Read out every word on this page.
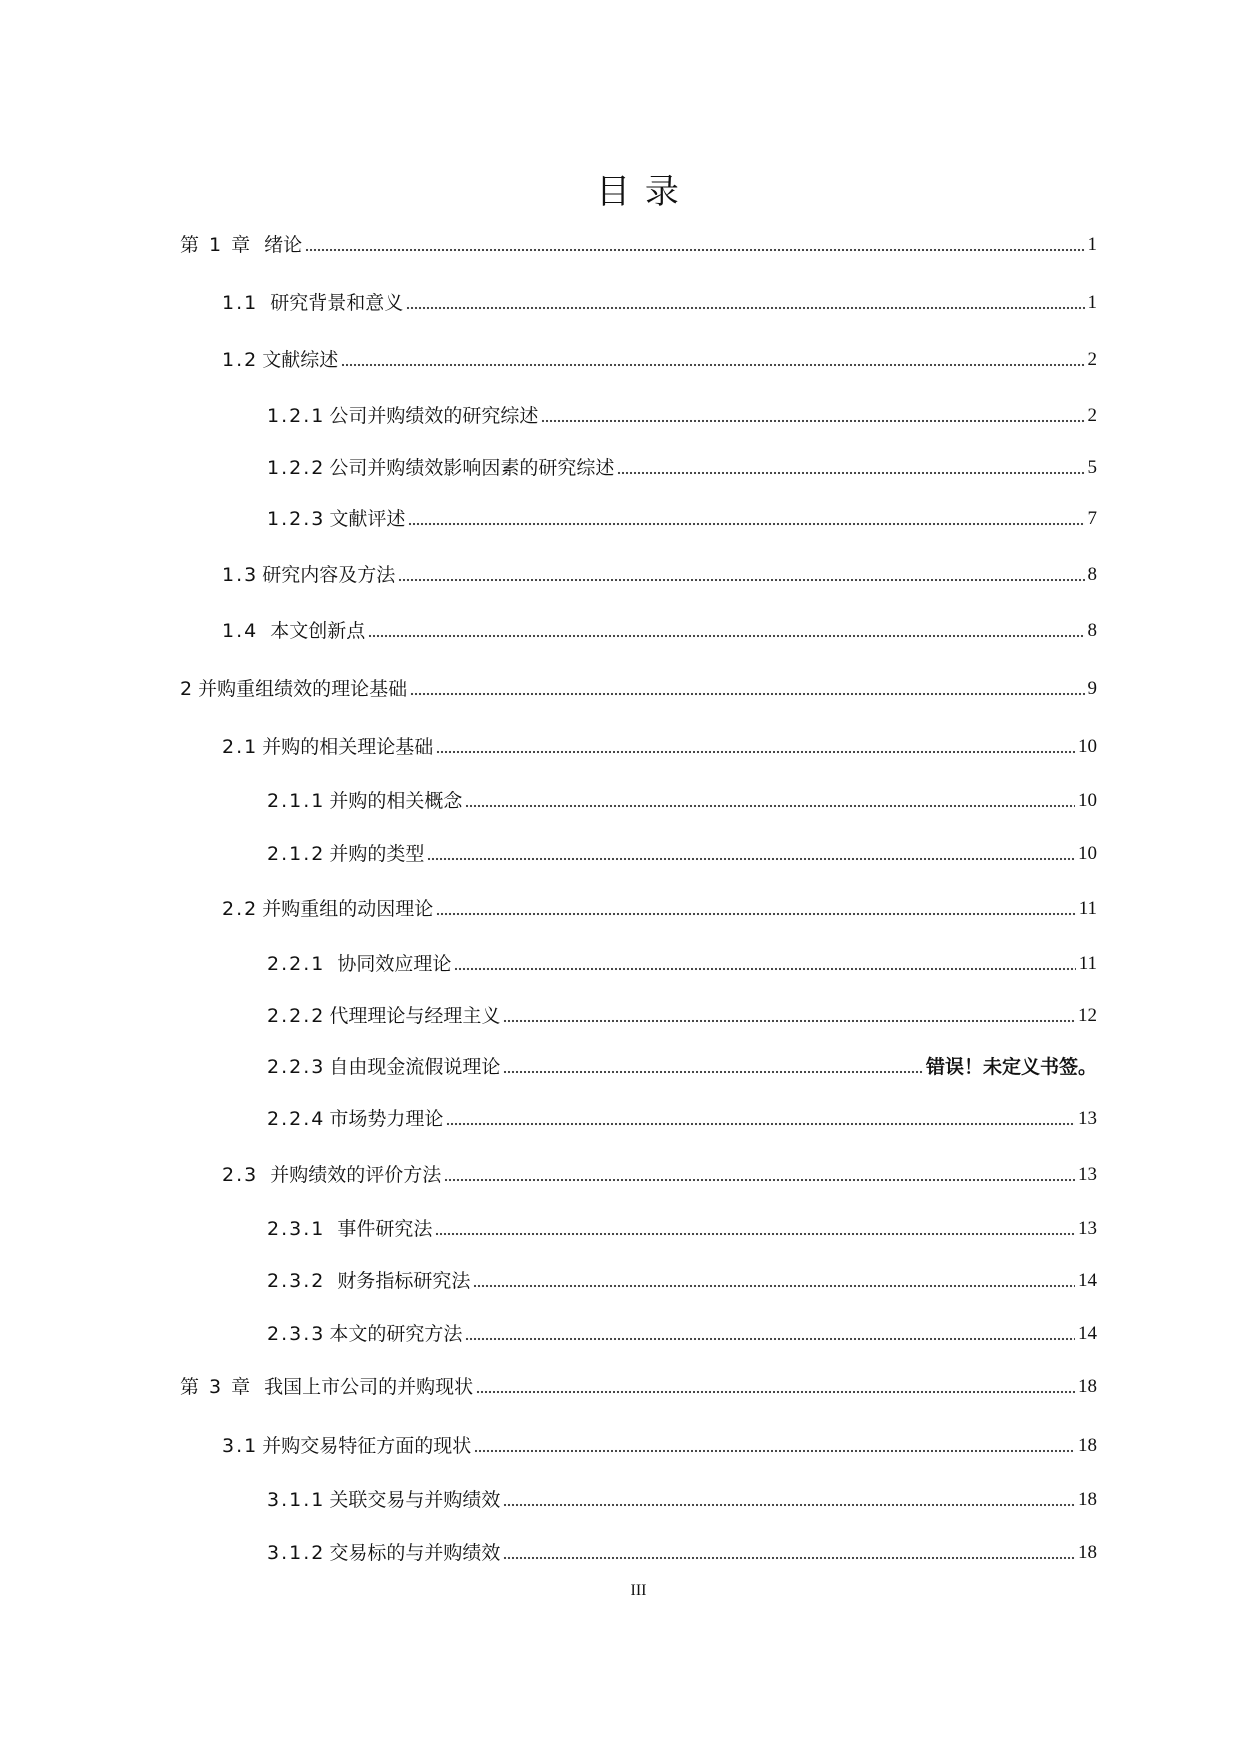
目 录
第 1 章 绪论	1
1.1 研究背景和意义	1
1.2 文献综述	2
1.2.1 公司并购绩效的研究综述	2
1.2.2 公司并购绩效影响因素的研究综述	5
1.2.3 文献评述	7
1.3 研究内容及方法	8
1.4 本文创新点	8
2 并购重组绩效的理论基础	9
2.1 并购的相关理论基础	10
2.1.1 并购的相关概念	10
2.1.2 并购的类型	10
2.2 并购重组的动因理论	11
2.2.1 协同效应理论	11
2.2.2 代理理论与经理主义	12
2.2.3 自由现金流假说理论	错误！未定义书签。
2.2.4 市场势力理论	13
2.3 并购绩效的评价方法	13
2.3.1 事件研究法	13
2.3.2 财务指标研究法	14
2.3.3 本文的研究方法	14
第 3 章 我国上市公司的并购现状	18
3.1 并购交易特征方面的现状	18
3.1.1 关联交易与并购绩效	18
3.1.2 交易标的与并购绩效	18
III
